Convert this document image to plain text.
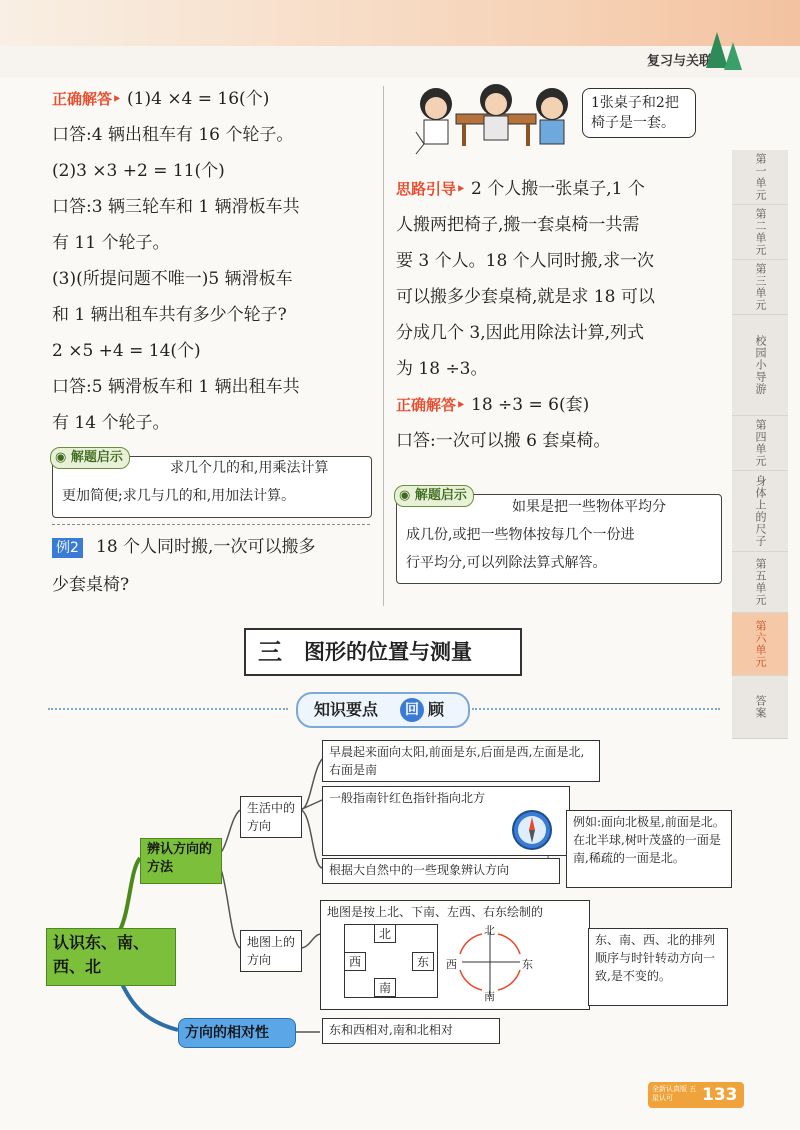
复习与关联
正确解答‣ (1)4 ×4 = 16(个)
口答:4 辆出租车有 16 个轮子。
(2)3 ×3 +2 = 11(个)
口答:3 辆三轮车和 1 辆滑板车共
有 11 个轮子。
(3)(所提问题不唯一)5 辆滑板车
和 1 辆出租车共有多少个轮子?
2 ×5 +4 = 14(个)
口答:5 辆滑板车和 1 辆出租车共
有 14 个轮子。
◉ 解题启示
求几个几的和,用乘法计算
更加简便;求几与几的和,用加法计算。
例2 18 个人同时搬,一次可以搬多
少套桌椅?
1张桌子和2把
椅子是一套。
思路引导‣ 2 个人搬一张桌子,1 个
人搬两把椅子,搬一套桌椅一共需
要 3 个人。18 个人同时搬,求一次
可以搬多少套桌椅,就是求 18 可以
分成几个 3,因此用除法计算,列式
为 18 ÷3。
正确解答‣ 18 ÷3 = 6(套)
口答:一次可以搬 6 套桌椅。
◉ 解题启示
如果是把一些物体平均分
成几份,或把一些物体按每几个一份进
行平均分,可以列除法算式解答。
第一单元
第二单元
第三单元
校园小导游
第四单元
身体上的尺子
第五单元
第六单元
答案
三	图形的位置与测量
知识要点	回 顾
认识东、南、西、北
辨认方向的方法
方向的相对性
生活中的方向
地图上的方向
早晨起来面向太阳,前面是东,后面是西,左面是北,右面是南
一般指南针红色指针指向北方
根据大自然中的一些现象辨认方向
例如:面向北极星,前面是北。在北半球,树叶茂盛的一面是南,稀疏的一面是北。
地图是按上北、下南、左西、右东绘制的
北
南
西	东
北
南
西	东
东、南、西、北的排列顺序与时针转动方向一致,是不变的。
东和西相对,南和北相对
全新认真版 五星认可	133
